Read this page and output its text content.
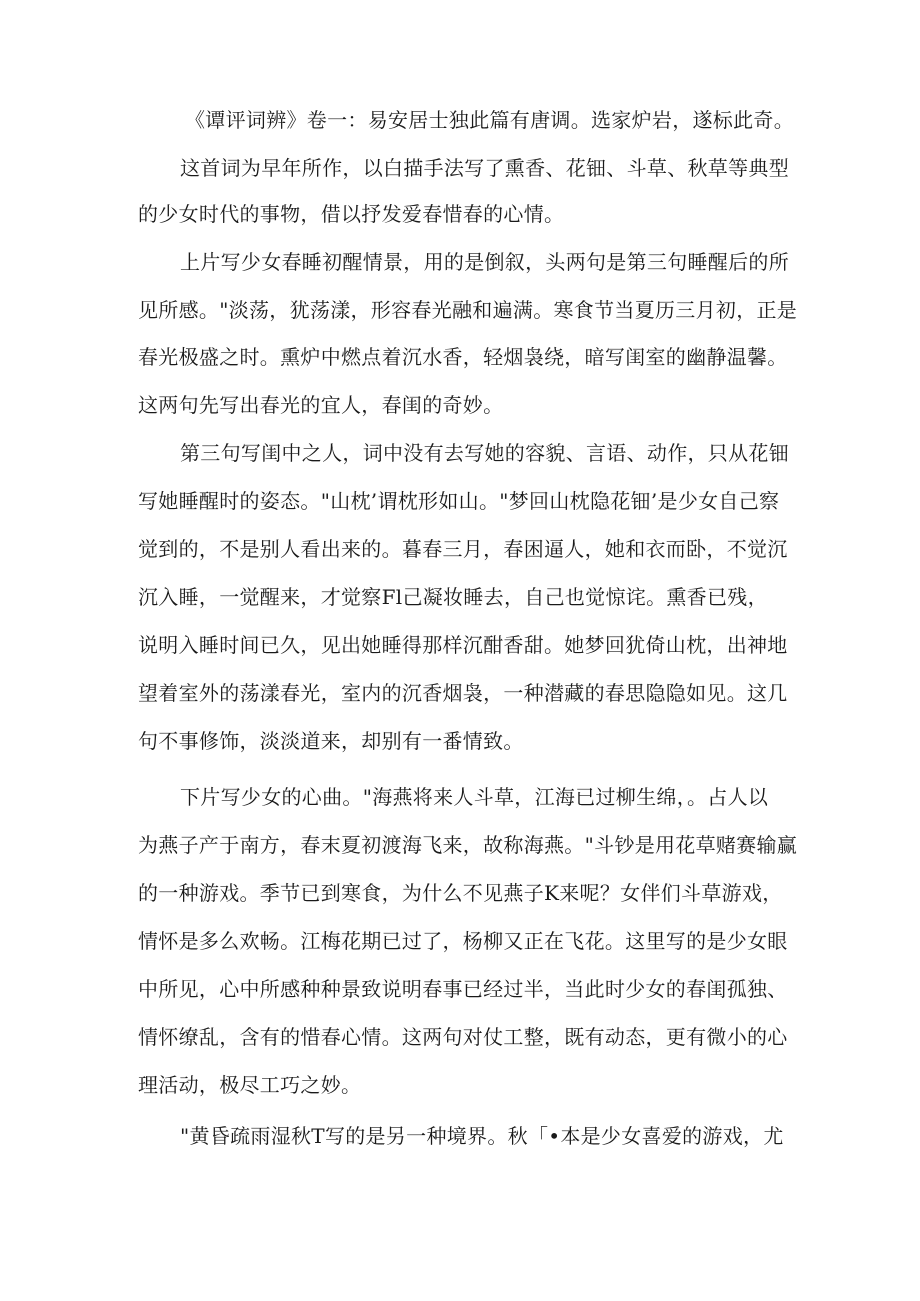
《谭评词辨》卷一：易安居士独此篇有唐调。选家炉岩，遂标此奇。

这首词为早年所作，以白描手法写了熏香、花钿、斗草、秋草等典型

的少女时代的事物，借以抒发爱春惜春的心情。

上片写少女春睡初醒情景，用的是倒叙，头两句是第三句睡醒后的所

见所感。"淡荡，犹荡漾，形容春光融和遍满。寒食节当夏历三月初，正是

春光极盛之时。熏炉中燃点着沉水香，轻烟袅绕，暗写闺室的幽静温馨。

这两句先写出春光的宜人，春闺的奇妙。

第三句写闺中之人，词中没有去写她的容貌、言语、动作，只从花钿

写她睡醒时的姿态。"山枕’谓枕形如山。"梦回山枕隐花钿’是少女自己察

觉到的，不是别人看出来的。暮春三月，春困逼人，她和衣而卧，不觉沉

沉入睡，一觉醒来，才觉察Fl己凝妆睡去，自己也觉惊诧。熏香已残，

说明入睡时间已久，见出她睡得那样沉酣香甜。她梦回犹倚山枕，出神地

望着室外的荡漾春光，室内的沉香烟袅，一种潜藏的春思隐隐如见。这几

句不事修饰，淡淡道来，却别有一番情致。

下片写少女的心曲。"海燕将来人斗草，江海已过柳生绵，。占人以

为燕子产于南方，春末夏初渡海飞来，故称海燕。"斗钞是用花草赌赛输赢

的一种游戏。季节已到寒食，为什么不见燕子K来呢？女伴们斗草游戏，

情怀是多么欢畅。江梅花期已过了，杨柳又正在飞花。这里写的是少女眼

中所见，心中所感种种景致说明春事已经过半，当此时少女的春闺孤独、

情怀缭乱，含有的惜春心情。这两句对仗工整，既有动态，更有微小的心

理活动，极尽工巧之妙。

"黄昏疏雨湿秋T写的是另一种境界。秋「•本是少女喜爱的游戏，尤
